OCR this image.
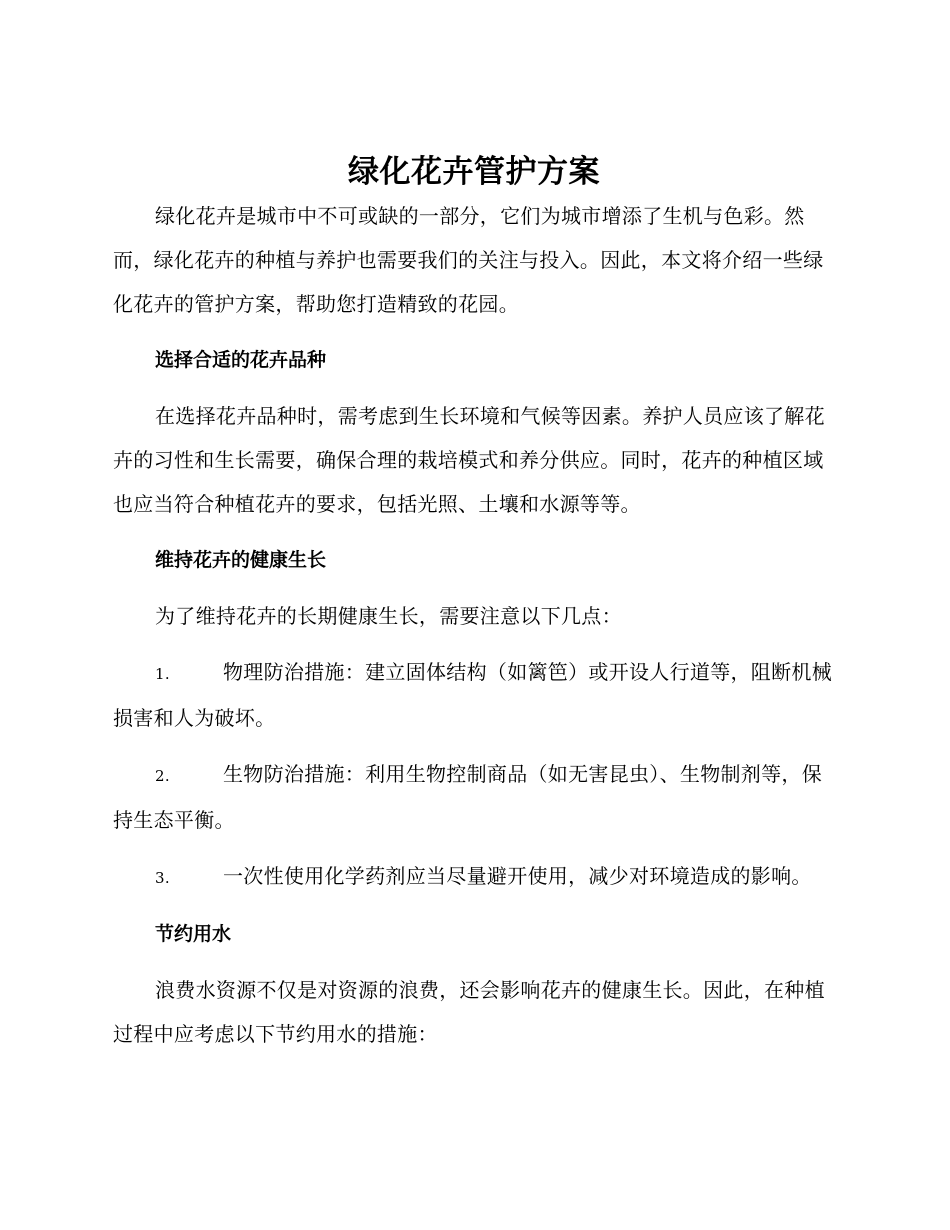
绿化花卉管护方案

绿化花卉是城市中不可或缺的一部分，它们为城市增添了生机与色彩。然而，绿化花卉的种植与养护也需要我们的关注与投入。因此，本文将介绍一些绿化花卉的管护方案，帮助您打造精致的花园。

选择合适的花卉品种

在选择花卉品种时，需考虑到生长环境和气候等因素。养护人员应该了解花卉的习性和生长需要，确保合理的栽培模式和养分供应。同时，花卉的种植区域也应当符合种植花卉的要求，包括光照、土壤和水源等等。

维持花卉的健康生长

为了维持花卉的长期健康生长，需要注意以下几点：

1.	物理防治措施：建立固体结构（如篱笆）或开设人行道等，阻断机械损害和人为破坏。

2.	生物防治措施：利用生物控制商品（如无害昆虫）、生物制剂等，保持生态平衡。

3.	一次性使用化学药剂应当尽量避开使用，减少对环境造成的影响。

节约用水

浪费水资源不仅是对资源的浪费，还会影响花卉的健康生长。因此，在种植过程中应考虑以下节约用水的措施：
